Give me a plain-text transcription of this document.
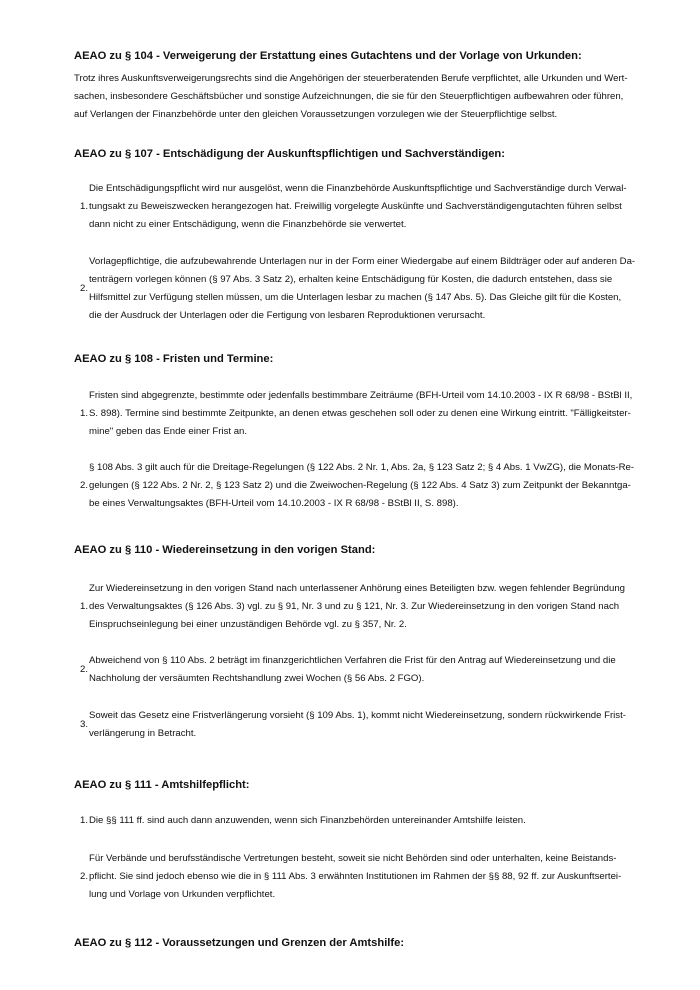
AEAO zu § 104 - Verweigerung der Erstattung eines Gutachtens und der Vorlage von Urkunden:

Trotz ihres Auskunftsverweigerungsrechts sind die Angehörigen der steuerberatenden Berufe verpflichtet, alle Urkunden und Wert-
sachen, insbesondere Geschäftsbücher und sonstige Aufzeichnungen, die sie für den Steuerpflichtigen aufbewahren oder führen,
auf Verlangen der Finanzbehörde unter den gleichen Voraussetzungen vorzulegen wie der Steuerpflichtige selbst.

AEAO zu § 107 - Entschädigung der Auskunftspflichtigen und Sachverständigen:
1.
Die Entschädigungspflicht wird nur ausgelöst, wenn die Finanzbehörde Auskunftspflichtige und Sachverständige durch Verwal-
tungsakt zu Beweiszwecken herangezogen hat. Freiwillig vorgelegte Auskünfte und Sachverständigengutachten führen selbst
dann nicht zu einer Entschädigung, wenn die Finanzbehörde sie verwertet.
2.
Vorlagepflichtige, die aufzubewahrende Unterlagen nur in der Form einer Wiedergabe auf einem Bildträger oder auf anderen Da-
tenträgern vorlegen können (§ 97 Abs. 3 Satz 2), erhalten keine Entschädigung für Kosten, die dadurch entstehen, dass sie
Hilfsmittel zur Verfügung stellen müssen, um die Unterlagen lesbar zu machen (§ 147 Abs. 5). Das Gleiche gilt für die Kosten,
die der Ausdruck der Unterlagen oder die Fertigung von lesbaren Reproduktionen verursacht.
AEAO zu § 108 - Fristen und Termine:
1.
Fristen sind abgegrenzte, bestimmte oder jedenfalls bestimmbare Zeiträume (BFH-Urteil vom 14.10.2003 - IX R 68/98 - BStBl II,
S. 898). Termine sind bestimmte Zeitpunkte, an denen etwas geschehen soll oder zu denen eine Wirkung eintritt. "Fälligkeitster-
mine" geben das Ende einer Frist an.
2.
§ 108 Abs. 3 gilt auch für die Dreitage-Regelungen (§ 122 Abs. 2 Nr. 1, Abs. 2a, § 123 Satz 2; § 4 Abs. 1 VwZG), die Monats-Re-
gelungen (§ 122 Abs. 2 Nr. 2, § 123 Satz 2) und die Zweiwochen-Regelung (§ 122 Abs. 4 Satz 3) zum Zeitpunkt der Bekanntga-
be eines Verwaltungsaktes (BFH-Urteil vom 14.10.2003 - IX R 68/98 - BStBl II, S. 898).
AEAO zu § 110 - Wiedereinsetzung in den vorigen Stand:
1.
Zur Wiedereinsetzung in den vorigen Stand nach unterlassener Anhörung eines Beteiligten bzw. wegen fehlender Begründung
des Verwaltungsaktes (§ 126 Abs. 3) vgl. zu § 91, Nr. 3 und zu § 121, Nr. 3. Zur Wiedereinsetzung in den vorigen Stand nach
Einspruchseinlegung bei einer unzuständigen Behörde vgl. zu § 357, Nr. 2.
2.
Abweichend von § 110 Abs. 2 beträgt im finanzgerichtlichen Verfahren die Frist für den Antrag auf Wiedereinsetzung und die
Nachholung der versäumten Rechtshandlung zwei Wochen (§ 56 Abs. 2 FGO).
3.
Soweit das Gesetz eine Fristverlängerung vorsieht (§ 109 Abs. 1), kommt nicht Wiedereinsetzung, sondern rückwirkende Frist-
verlängerung in Betracht.
AEAO zu § 111 - Amtshilfepflicht:
1. Die §§ 111 ff. sind auch dann anzuwenden, wenn sich Finanzbehörden untereinander Amtshilfe leisten.
2.
Für Verbände und berufsständische Vertretungen besteht, soweit sie nicht Behörden sind oder unterhalten, keine Beistands-
pflicht. Sie sind jedoch ebenso wie die in § 111 Abs. 3 erwähnten Institutionen im Rahmen der §§ 88, 92 ff. zur Auskunftsertei-
lung und Vorlage von Urkunden verpflichtet.
AEAO zu § 112 - Voraussetzungen und Grenzen der Amtshilfe:
